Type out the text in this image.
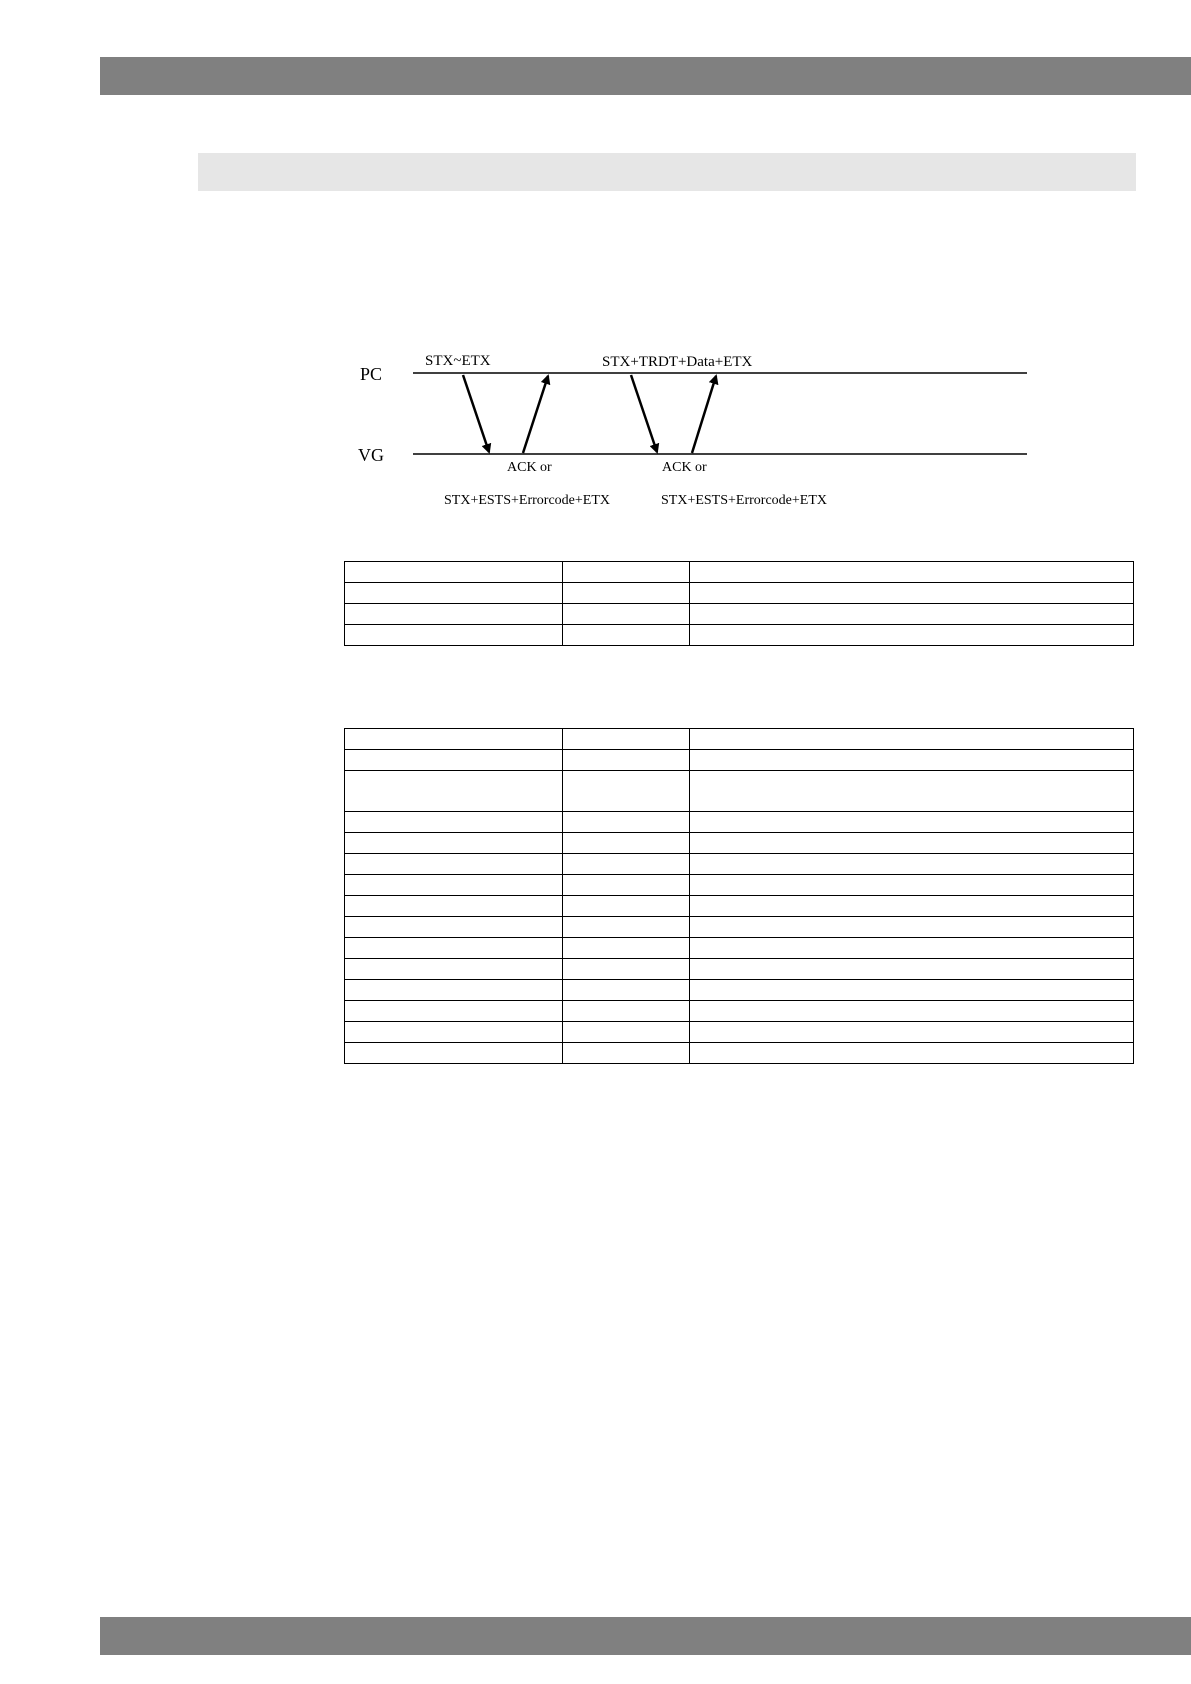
PC
VG
STX~ETX	STX+TRDT+Data+ETX
ACK or	ACK or
STX+ESTS+Errorcode+ETX	STX+ESTS+Errorcode+ETX
